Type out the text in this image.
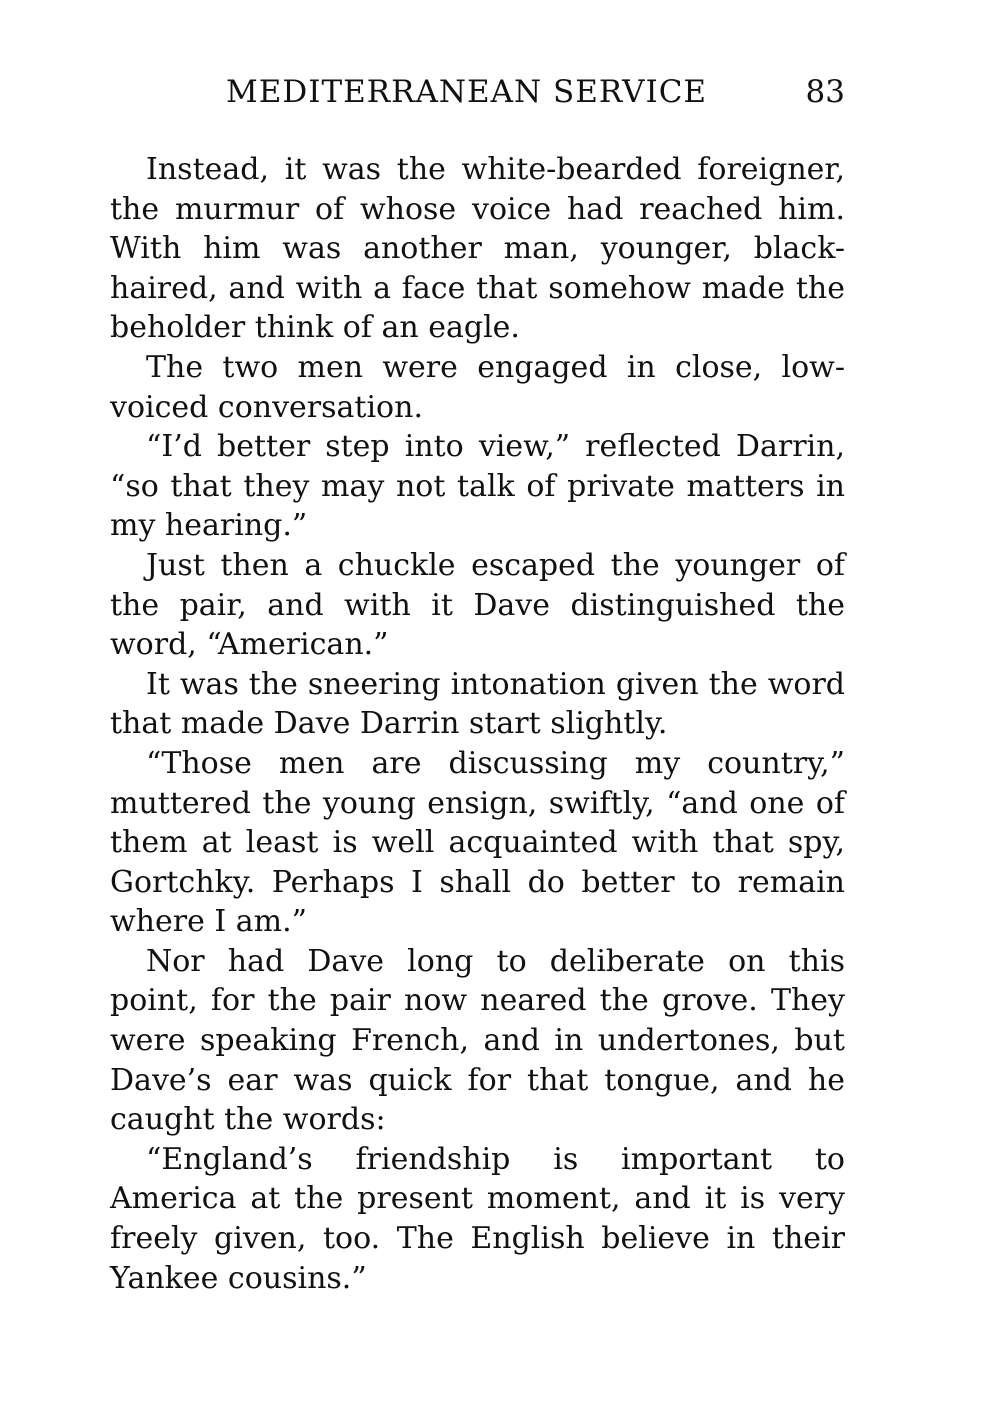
MEDITERRANEAN SERVICE	83

Instead, it was the white-bearded foreigner, the murmur of whose voice had reached him. With him was another man, younger, black-haired, and with a face that somehow made the beholder think of an eagle.

The two men were engaged in close, low-voiced conversation.

“I’d better step into view,” reflected Darrin, “so that they may not talk of private matters in my hearing.”

Just then a chuckle escaped the younger of the pair, and with it Dave distinguished the word, “American.”

It was the sneering intonation given the word that made Dave Darrin start slightly.

“Those men are discussing my country,” muttered the young ensign, swiftly, “and one of them at least is well acquainted with that spy, Gortchky. Perhaps I shall do better to remain where I am.”

Nor had Dave long to deliberate on this point, for the pair now neared the grove. They were speaking French, and in undertones, but Dave’s ear was quick for that tongue, and he caught the words:

“England’s friendship is important to America at the present moment, and it is very freely given, too. The English believe in their Yankee cousins.”
